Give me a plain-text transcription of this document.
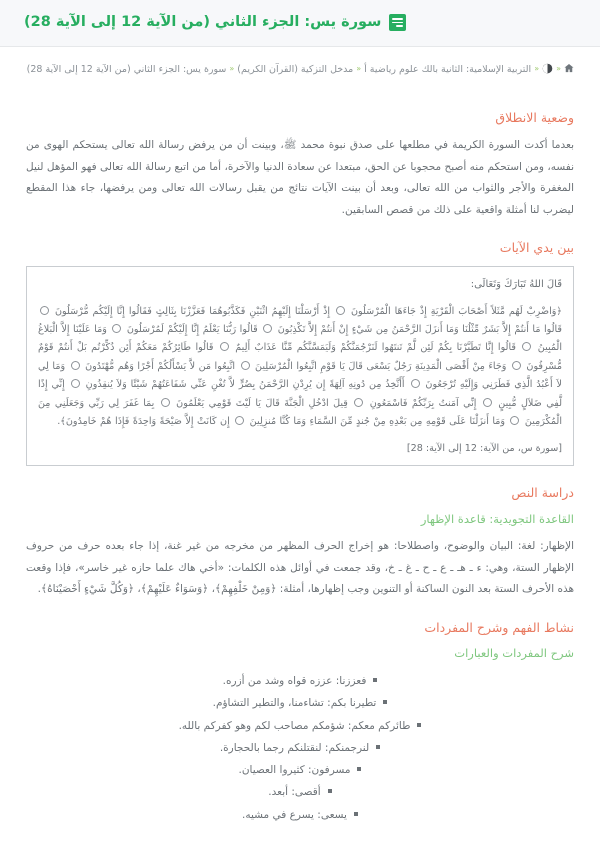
سورة يس: الجزء الثاني (من الآية 12 إلى الآية 28)
«
«التربية الإسلامية: الثانية بالك علوم رياضية أ«مدخل التزكية (القرآن الكريم)«سورة يس: الجزء الثاني (من الآية 12 إلى الآية 28)
وضعية الانطلاق

بعدما أكدت السورة الكريمة في مطلعها على صدق نبوة محمد ﷺ، وبينت أن من يرفض رسالة الله تعالى يستحكم الهوى من نفسه، ومن استحكم منه أصبح محجوبا عن الحق، مبتعدا عن سعادة الدنيا والآخرة، أما من اتبع رسالة الله تعالى فهو المؤهل لنيل المغفرة والأجر والثواب من الله تعالى، وبعد أن بينت الآيات نتائج من يقبل رسالات الله تعالى ومن يرفضها، جاء هذا المقطع ليضرب لنا أمثلة واقعية على ذلك من قصص السابقين.

بين يدي الآيات

قَالَ اللهُ تَبَارَكَ وَتَعَالَى:

﴿وَاضْرِبْ لَهُم مَّثَلاً أَصْحَابَ الْقَرْيَةِ إِذْ جَاءَهَا الْمُرْسَلُونَ  إِذْ أَرْسَلْنَا إِلَيْهِمُ اثْنَيْنِ فَكَذَّبُوهُمَا فَعَزَّزْنَا بِثَالِثٍ فَقَالُوا إِنَّا إِلَيْكُم مُّرْسَلُونَ  قَالُوا مَا أَنتُمْ إِلاَّ بَشَرٌ مِّثْلُنَا وَمَا أَنزَلَ الرَّحْمَنُ مِن شَيْءٍ إِنْ أَنتُمْ إِلاَّ تَكْذِبُونَ  قَالُوا رَبُّنَا يَعْلَمُ إِنَّا إِلَيْكُمْ لَمُرْسَلُونَ  وَمَا عَلَيْنَا إِلاَّ الْبَلاغُ الْمُبِينُ  قَالُوا إِنَّا تَطَيَّرْنَا بِكُمْ لَئِن لَّمْ تَنتَهُوا لَنَرْجُمَنَّكُمْ وَلَيَمَسَّنَّكُم مِّنَّا عَذَابٌ أَلِيمٌ  قَالُوا طَائِرُكُمْ مَعَكُمْ أَئِن ذُكِّرْتُم بَلْ أَنتُمْ قَوْمٌ مُّسْرِفُونَ  وَجَاءَ مِنْ أَقْصَى الْمَدِينَةِ رَجُلٌ يَسْعَى قَالَ يَا قَوْمِ اتَّبِعُوا الْمُرْسَلِينَ  اتَّبِعُوا مَن لاَّ يَسْأَلُكُمْ أَجْرًا وَهُم مُّهْتَدُونَ  وَمَا لِي لاَ أَعْبُدُ الَّذِي فَطَرَنِي وَإِلَيْهِ تُرْجَعُونَ  أَأَتَّخِذُ مِن دُونِهِ آلِهَةً إِن يُرِدْنِ الرَّحْمَنُ بِضُرٍّ لاَّ تُغْنِ عَنِّي شَفَاعَتُهُمْ شَيْئًا وَلاَ يُنقِذُونِ  إِنِّي إِذًا لَّفِي ضَلاَلٍ مُّبِينٍ  إِنِّي آمَنتُ بِرَبِّكُمْ فَاسْمَعُونِ  قِيلَ ادْخُلِ الْجَنَّةَ قَالَ يَا لَيْتَ قَوْمِي يَعْلَمُونَ  بِمَا غَفَرَ لِي رَبِّي وَجَعَلَنِي مِنَ الْمُكْرَمِينَ  وَمَا أَنزَلْنَا عَلَى قَوْمِهِ مِن بَعْدِهِ مِنْ جُندٍ مِّنَ السَّمَاءِ وَمَا كُنَّا مُنزِلِينَ  إِن كَانَتْ إِلاَّ صَيْحَةً وَاحِدَةً فَإِذَا هُمْ خَامِدُونَ﴾.

[سورة س، من الآية: 12 إلى الآية: 28]

دراسة النص
القاعدة التجويدية: قاعدة الإظهار

الإظهار: لغة: البيان والوضوح، واصطلاحا: هو إخراج الحرف المظهر من مخرجه من غير غنة، إذا جاء بعده حرف من حروف الإظهار الستة، وهي: ء ـ هـ ـ ع ـ ح ـ غ ـ خ، وقد جمعت في أوائل هذه الكلمات: «أخي هاك علما حازه غير خاسر»، فإذا وقعت هذه الأحرف الستة بعد النون الساكنة أو التنوين وجب إظهارها، أمثلة: ﴿وَمِنْ خَلْفِهِمْ﴾، ﴿وَسَوَاءٌ عَلَيْهِمْ﴾، ﴿وَكُلَّ شَيْءٍ أَحْصَيْنَاهُ﴾.

نشاط الفهم وشرح المفردات
شرح المفردات والعبارات
فعززنا: عززه قواه وشد من أزره.
تطيرنا بكم: تشاءمنا، والتطير التشاؤم.
طائركم معكم: شؤمكم مصاحب لكم وهو كفركم بالله.
لنرجمنكم: لنقتلنكم رجما بالحجارة.
مسرفون: كثيروا العصيان.
أقصى: أبعد.
يسعى: يسرع في مشيه.
